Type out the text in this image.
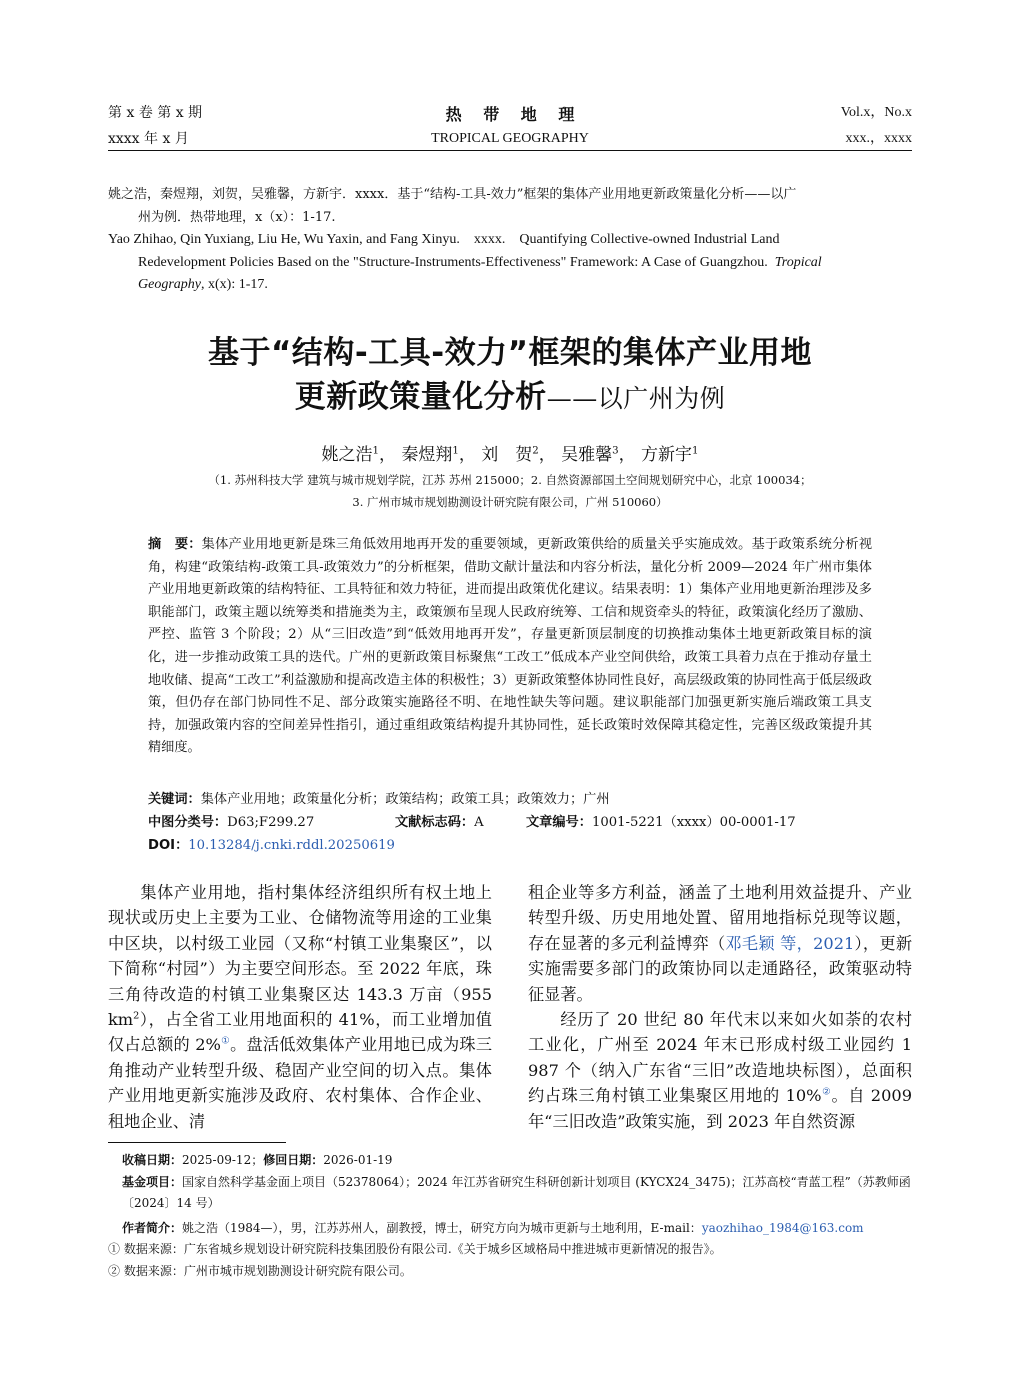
第 x 卷 第 x 期
xxxx 年 x 月
热　 带　 地　 理
TROPICAL GEOGRAPHY
Vol.x，No.x
xxx.，xxxx
姚之浩，秦煜翔，刘贺，吴雅馨，方新宇．xxxx．基于“结构-工具-效力”框架的集体产业用地更新政策量化分析——以广
州为例．热带地理，x（x）：1-17.
Yao Zhihao, Qin Yuxiang, Liu He, Wu Yaxin, and Fang Xinyu.　xxxx.　Quantifying Collective-owned Industrial Land
Redevelopment Policies Based on the "Structure-Instruments-Effectiveness" Framework: A Case of Guangzhou. Tropical
Geography, x(x): 1-17.
基于“结构-工具-效力”框架的集体产业用地
更新政策量化分析——以广州为例
姚之浩$^1$， 秦煜翔$^1$， 刘　贺$^2$， 吴雅馨$^3$， 方新宇$^1$
（1. 苏州科技大学 建筑与城市规划学院，江苏 苏州 215000；2. 自然资源部国土空间规划研究中心，北京 100034；
3. 广州市城市规划勘测设计研究院有限公司，广州 510060）
摘　要：集体产业用地更新是珠三角低效用地再开发的重要领域，更新政策供给的质量关乎实施成效。基于政策系统分析视角，构建“政策结构-政策工具-政策效力”的分析框架，借助文献计量法和内容分析法，量化分析 2009—2024 年广州市集体产业用地更新政策的结构特征、工具特征和效力特征，进而提出政策优化建议。结果表明：1）集体产业用地更新治理涉及多职能部门，政策主题以统筹类和措施类为主，政策颁布呈现人民政府统筹、工信和规资牵头的特征，政策演化经历了激励、严控、监管 3 个阶段；2）从“三旧改造”到“低效用地再开发”，存量更新顶层制度的切换推动集体土地更新政策目标的演化，进一步推动政策工具的迭代。广州的更新政策目标聚焦“工改工”低成本产业空间供给，政策工具着力点在于推动存量土地收储、提高“工改工”利益激励和提高改造主体的积极性；3）更新政策整体协同性良好，高层级政策的协同性高于低层级政策，但仍存在部门协同性不足、部分政策实施路径不明、在地性缺失等问题。建议职能部门加强更新实施后端政策工具支持，加强政策内容的空间差异性指引，通过重组政策结构提升其协同性，延长政策时效保障其稳定性，完善区级政策提升其精细度。
关键词：集体产业用地；政策量化分析；政策结构；政策工具；政策效力；广州
中图分类号：D63;F299.27	文献标志码：A	文章编号：1001-5221（xxxx）00-0001-17
DOI：10.13284/j.cnki.rddl.20250619
集体产业用地，指村集体经济组织所有权土地上现状或历史上主要为工业、仓储物流等用途的工业集中区块，以村级工业园（又称“村镇工业集聚区”，以下简称“村园”）为主要空间形态。至 2022 年底，珠三角待改造的村镇工业集聚区达 143.3 万亩（955 $km^2$），占全省工业用地面积的 41%，而工业增加值仅占总额的 2%①。盘活低效集体产业用地已成为珠三角推动产业转型升级、稳固产业空间的切入点。集体产业用地更新实施涉及政府、农村集体、合作企业、租地企业、清
租企业等多方利益，涵盖了土地利用效益提升、产业转型升级、历史用地处置、留用地指标兑现等议题，存在显著的多元利益博弈（邓毛颖 等，2021），更新实施需要多部门的政策协同以走通路径，政策驱动特征显著。
经历了 20 世纪 80 年代末以来如火如荼的农村工业化，广州至 2024 年末已形成村级工业园约 1 987 个（纳入广东省“三旧”改造地块标图），总面积约占珠三角村镇工业集聚区用地的 10%②。自 2009 年“三旧改造”政策实施，到 2023 年自然资源
收稿日期：2025-09-12；修回日期：2026-01-19
基金项目：国家自然科学基金面上项目（52378064）；2024 年江苏省研究生科研创新计划项目 (KYCX24_3475)；江苏高校“青蓝工程”（苏教师函〔2024〕14 号）
作者简介：姚之浩（1984—），男，江苏苏州人，副教授，博士，研究方向为城市更新与土地利用，E-mail：yaozhihao_1984@163.com
① 数据来源：广东省城乡规划设计研究院科技集团股份有限公司.《关于城乡区域格局中推进城市更新情况的报告》。
② 数据来源：广州市城市规划勘测设计研究院有限公司。
